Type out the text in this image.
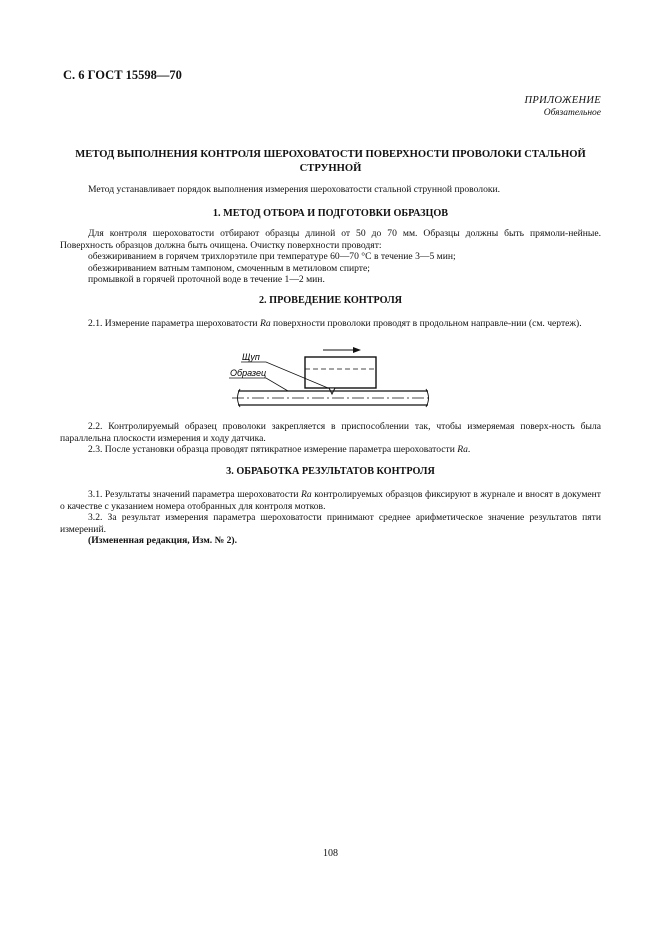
С. 6 ГОСТ 15598—70
ПРИЛОЖЕНИЕ
Обязательное
МЕТОД ВЫПОЛНЕНИЯ КОНТРОЛЯ ШЕРОХОВАТОСТИ ПОВЕРХНОСТИ ПРОВОЛОКИ СТАЛЬНОЙ
СТРУННОЙ
Метод устанавливает порядок выполнения измерения шероховатости стальной струнной проволоки.
1. МЕТОД ОТБОРА И ПОДГОТОВКИ ОБРАЗЦОВ
Для контроля шероховатости отбирают образцы длиной от 50 до 70 мм. Образцы должны быть прямоли-нейные. Поверхность образцов должна быть очищена. Очистку поверхности проводят:
обезжириванием в горячем трихлорэтиле при температуре 60—70 °С в течение 3—5 мин;
обезжириванием ватным тампоном, смоченным в метиловом спирте;
промывкой в горячей проточной воде в течение 1—2 мин.
2. ПРОВЕДЕНИЕ КОНТРОЛЯ
2.1. Измерение параметра шероховатости Ra поверхности проволоки проводят в продольном направле-нии (см. чертеж).
Щуп
Образец
2.2. Контролируемый образец проволоки закрепляется в приспособлении так, чтобы измеряемая поверх-ность была параллельна плоскости измерения и ходу датчика.
2.3. После установки образца проводят пятикратное измерение параметра шероховатости Ra.
3. ОБРАБОТКА РЕЗУЛЬТАТОВ КОНТРОЛЯ
3.1. Результаты значений параметра шероховатости Ra контролируемых образцов фиксируют в журнале и вносят в документ о качестве с указанием номера отобранных для контроля мотков.
3.2. За результат измерения параметра шероховатости принимают среднее арифметическое значение результатов пяти измерений.
(Измененная редакция, Изм. № 2).
108
